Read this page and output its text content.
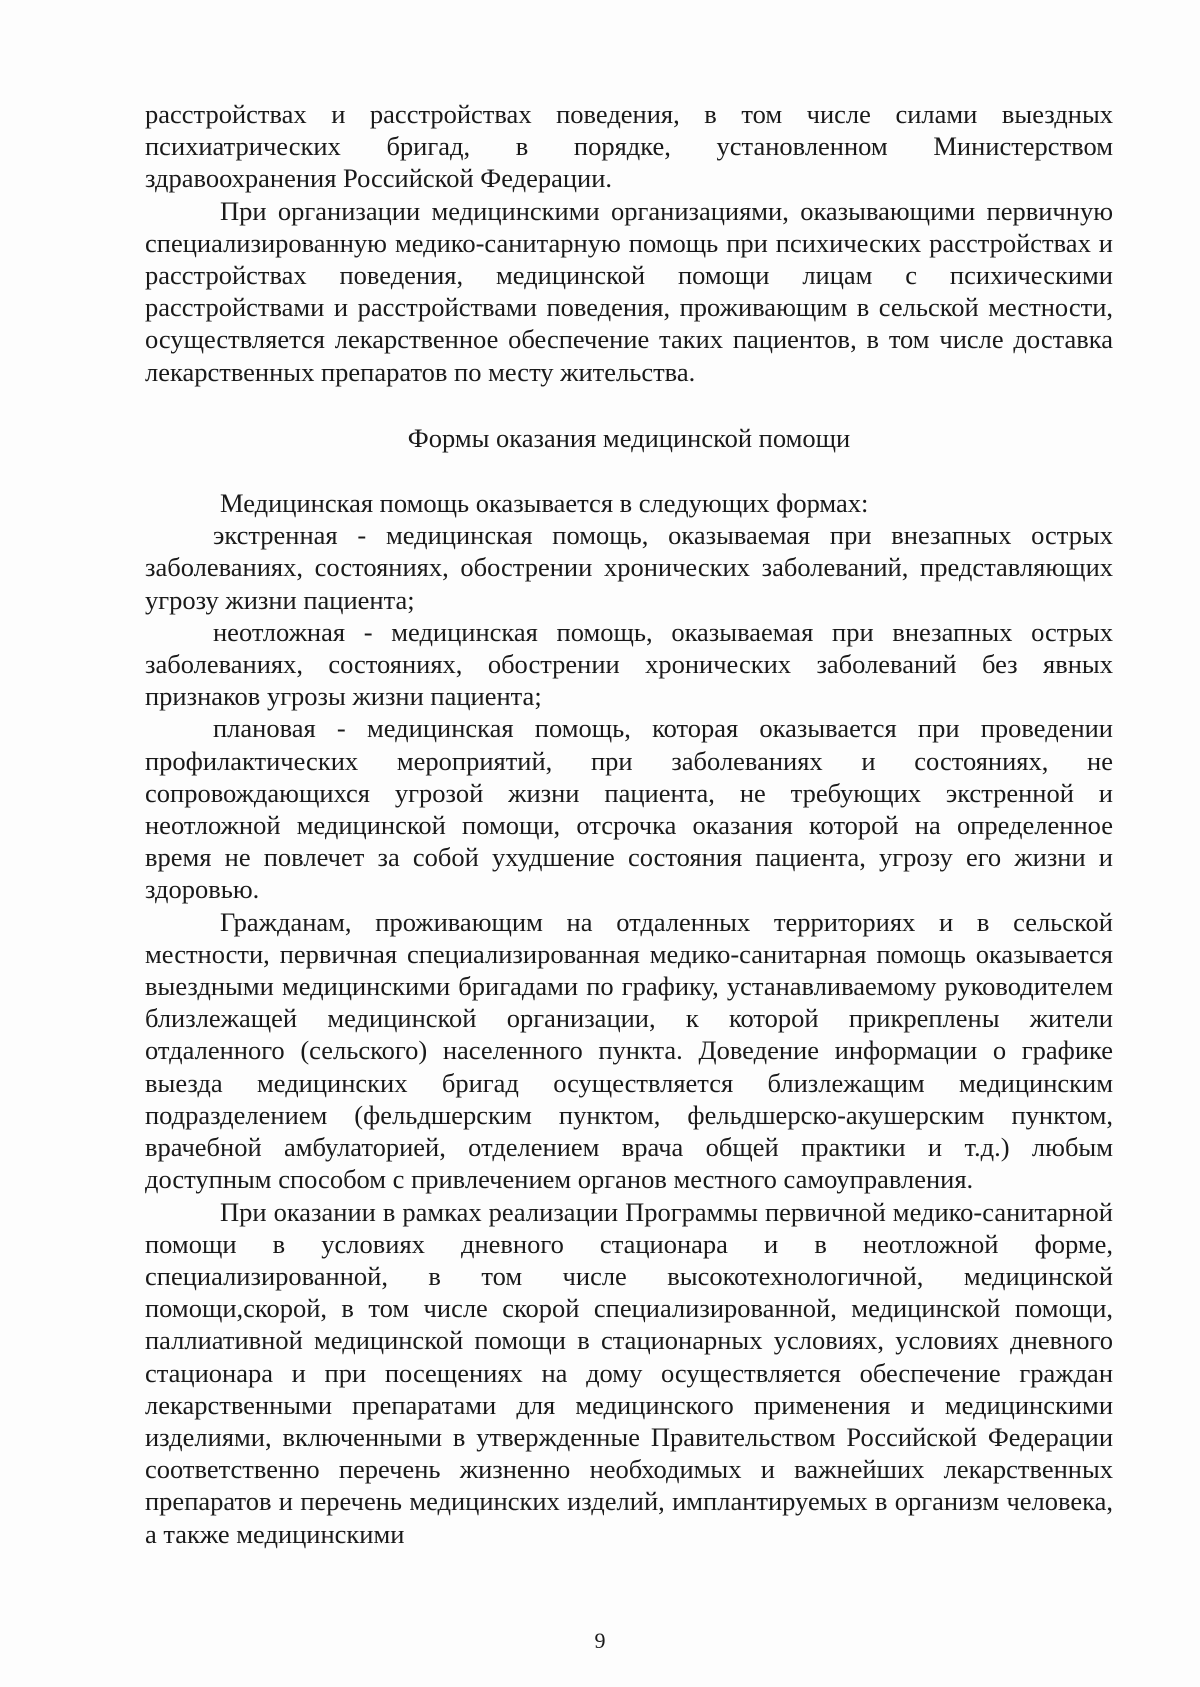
расстройствах и расстройствах поведения, в том числе силами выездных психиатрических бригад, в порядке, установленном Министерством здравоохранения Российской Федерации.

При организации медицинскими организациями, оказывающими первичную специализированную медико-санитарную помощь при психических расстройствах и расстройствах поведения, медицинской помощи лицам с психическими расстройствами и расстройствами поведения, проживающим в сельской местности, осуществляется лекарственное обеспечение таких пациентов, в том числе доставка лекарственных препаратов по месту жительства.

Формы оказания медицинской помощи

Медицинская помощь оказывается в следующих формах:

экстренная - медицинская помощь, оказываемая при внезапных острых заболеваниях, состояниях, обострении хронических заболеваний, представляющих угрозу жизни пациента;

неотложная - медицинская помощь, оказываемая при внезапных острых заболеваниях, состояниях, обострении хронических заболеваний без явных признаков угрозы жизни пациента;

плановая - медицинская помощь, которая оказывается при проведении профилактических мероприятий, при заболеваниях и состояниях, не сопровождающихся угрозой жизни пациента, не требующих экстренной и неотложной медицинской помощи, отсрочка оказания которой на определенное время не повлечет за собой ухудшение состояния пациента, угрозу его жизни и здоровью.

Гражданам, проживающим на отдаленных территориях и в сельской местности, первичная специализированная медико-санитарная помощь оказывается выездными медицинскими бригадами по графику, устанавливаемому руководителем близлежащей медицинской организации, к которой прикреплены жители отдаленного (сельского) населенного пункта. Доведение информации о графике выезда медицинских бригад осуществляется близлежащим медицинским подразделением (фельдшерским пунктом, фельдшерско-акушерским пунктом, врачебной амбулаторией, отделением врача общей практики и т.д.) любым доступным способом с привлечением органов местного самоуправления.

При оказании в рамках реализации Программы первичной медико-санитарной помощи в условиях дневного стационара и в неотложной форме, специализированной, в том числе высокотехнологичной, медицинской помощи,скорой, в том числе скорой специализированной, медицинской помощи, паллиативной медицинской помощи в стационарных условиях, условиях дневного стационара и при посещениях на дому осуществляется обеспечение граждан лекарственными препаратами для медицинского применения и медицинскими изделиями, включенными в утвержденные Правительством Российской Федерации соответственно перечень жизненно необходимых и важнейших лекарственных препаратов и перечень медицинских изделий, имплантируемых в организм человека, а также медицинскими

9
